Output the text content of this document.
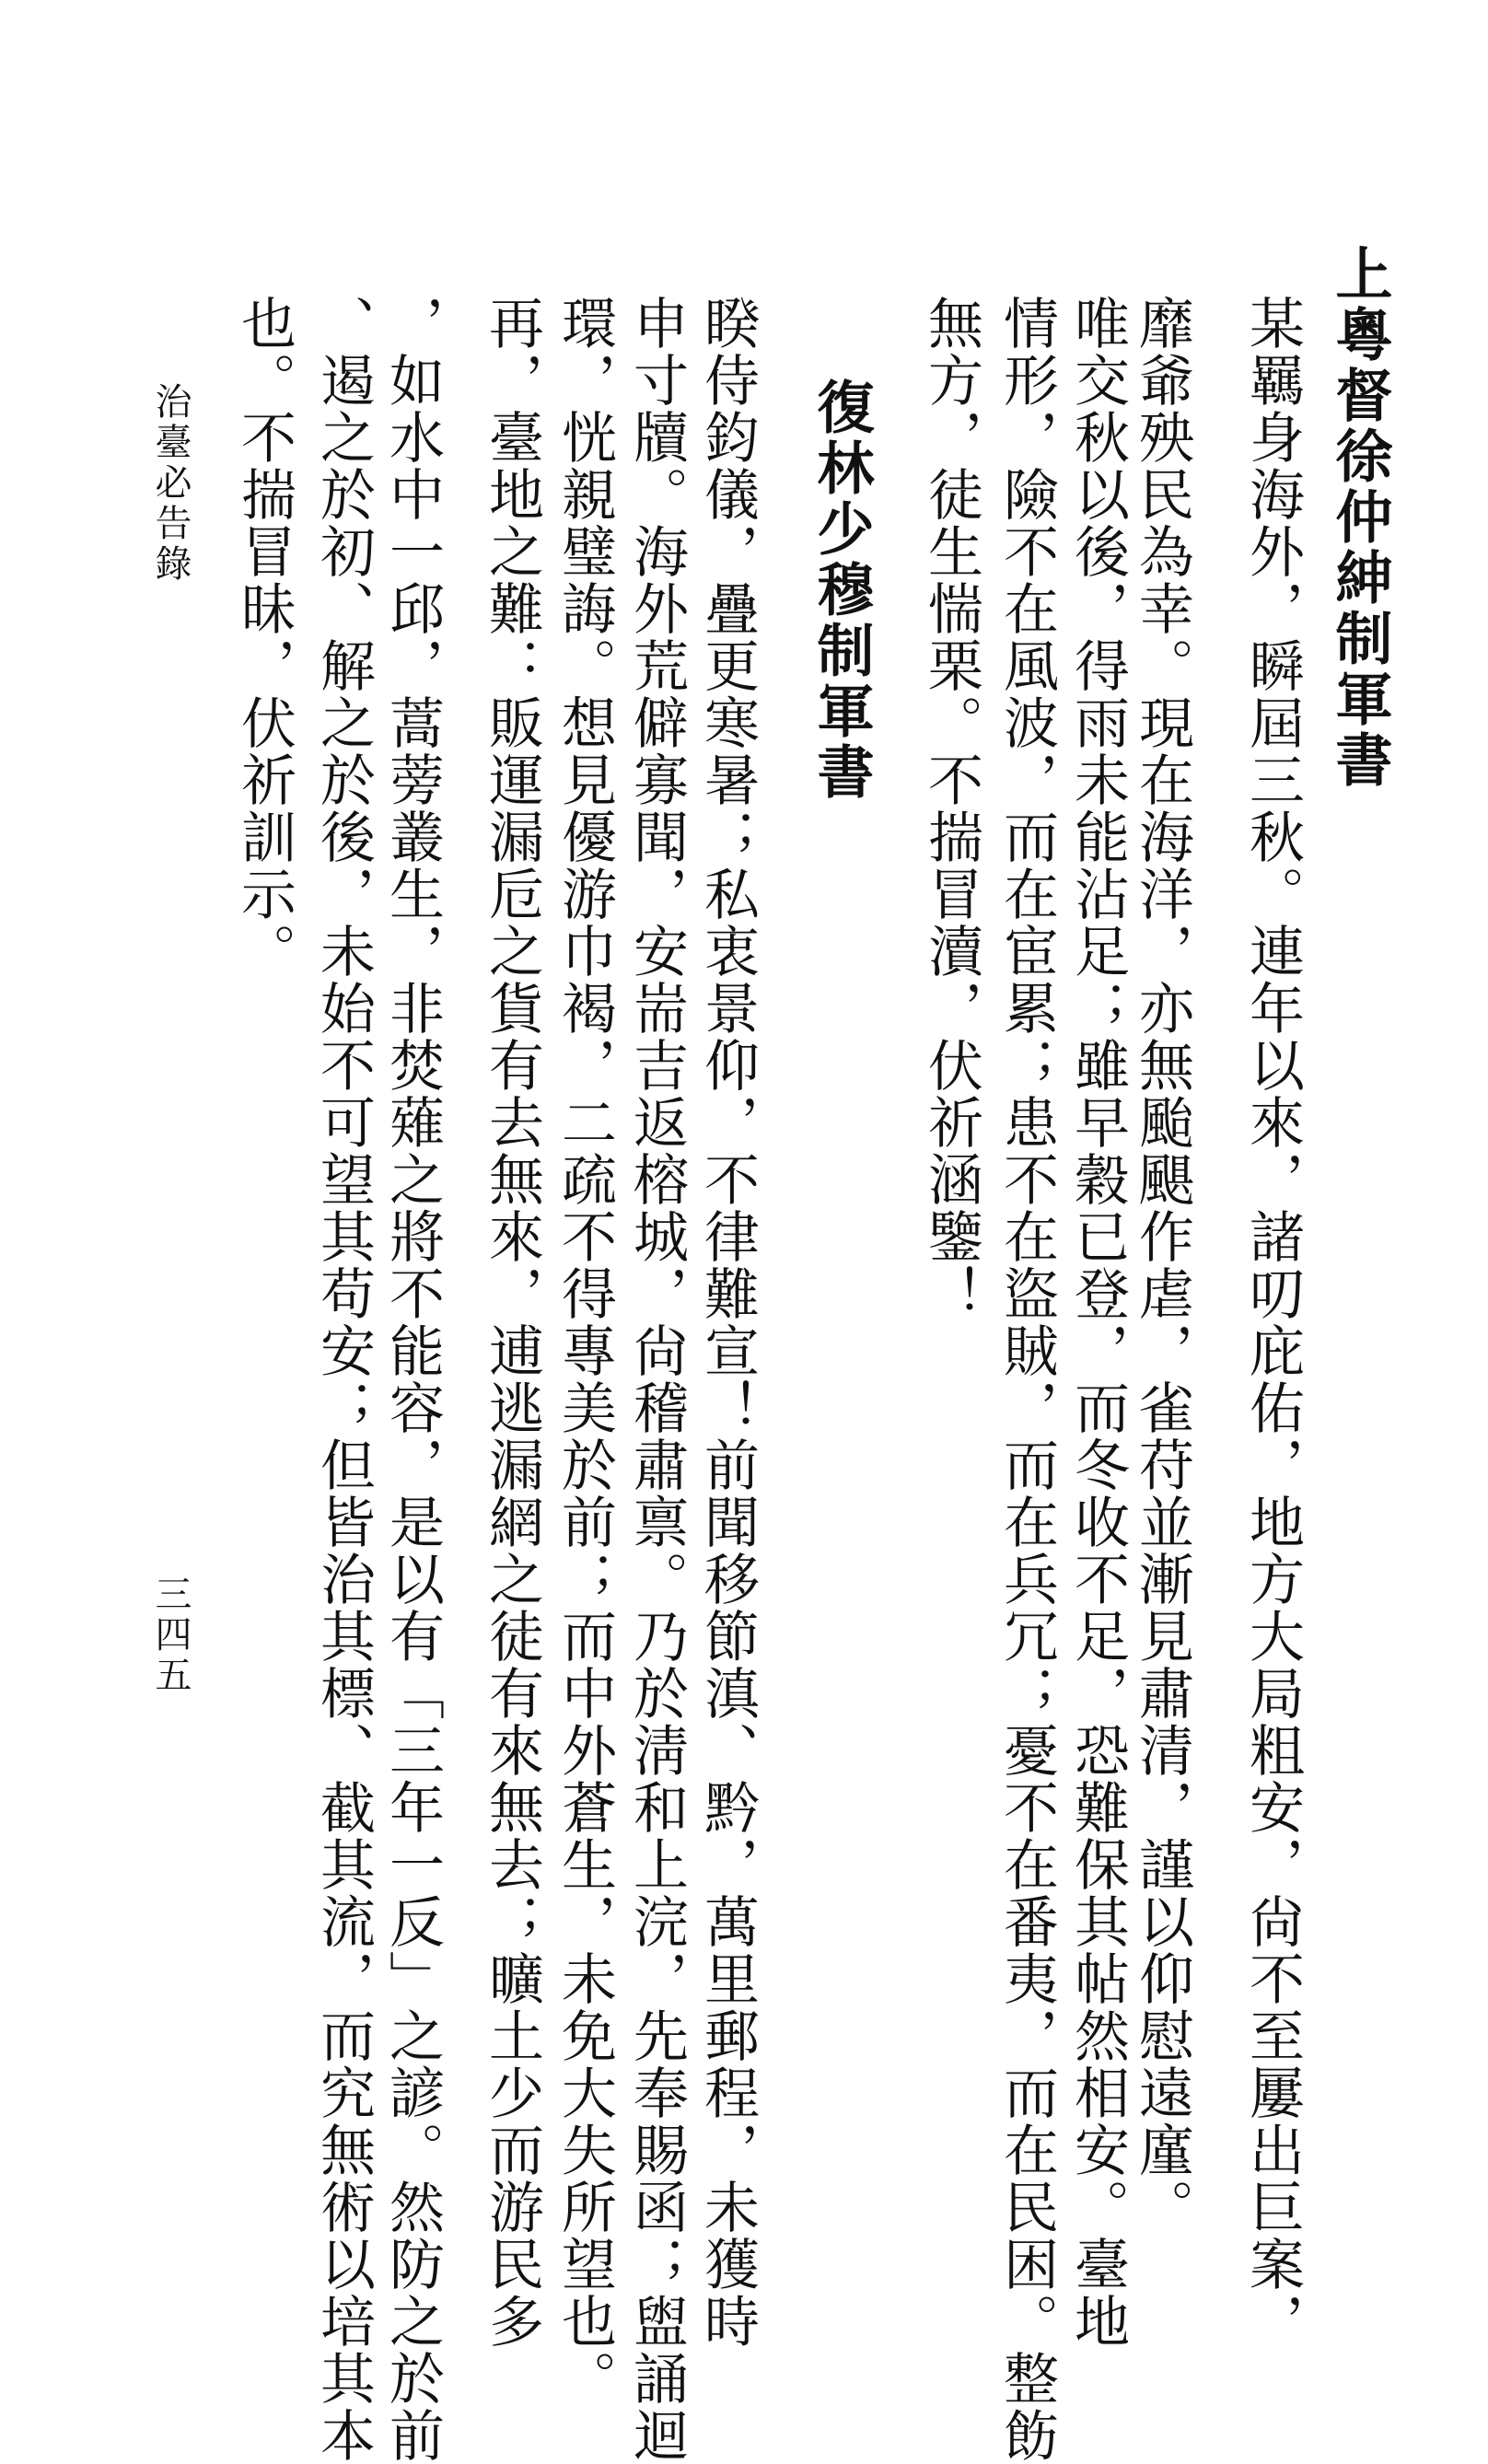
上粵督徐仲紳制軍書
某羈身海外，瞬屆三秋。連年以來，諸叨庇佑，地方大局粗安，尙不至屢出巨案，
靡爺殃民為幸。現在海洋，亦無颱颶作虐，雀苻並漸見肅清，謹以仰慰遠廑。
唯交秋以後，得雨未能沾足；雖早穀已登，而冬收不足，恐難保其帖然相安。臺地
情形，險不在風波，而在宦累；患不在盜賊，而在兵冗；憂不在番夷，而在民困。整飭
無方，徒生惴栗。不揣冒瀆，伏祈涵鑒！
復林少穆制軍書
睽侍鈞儀，疊更寒暑；私衷景仰，不律難宣！前聞移節滇、黔，萬里郵程，未獲時
申寸牘。海外荒僻寡聞，安耑吉返榕城，尙稽肅禀。乃於淸和上浣，先奉賜函；盥誦迴
環，恍親璧誨。想見優游巾褐，二疏不得專美於前；而中外蒼生，未免大失所望也。
再，臺地之難：販運漏卮之貨有去無來，逋逃漏網之徒有來無去；曠土少而游民多
，如水中一邱，蒿蒡叢生，非焚薙之將不能容，是以有「三年一反」之諺。然防之於前
、遏之於初、解之於後，未始不可望其苟安；但皆治其標、截其流，而究無術以培其本
也。不揣冒昧，伏祈訓示。
治臺必告錄
三四五
